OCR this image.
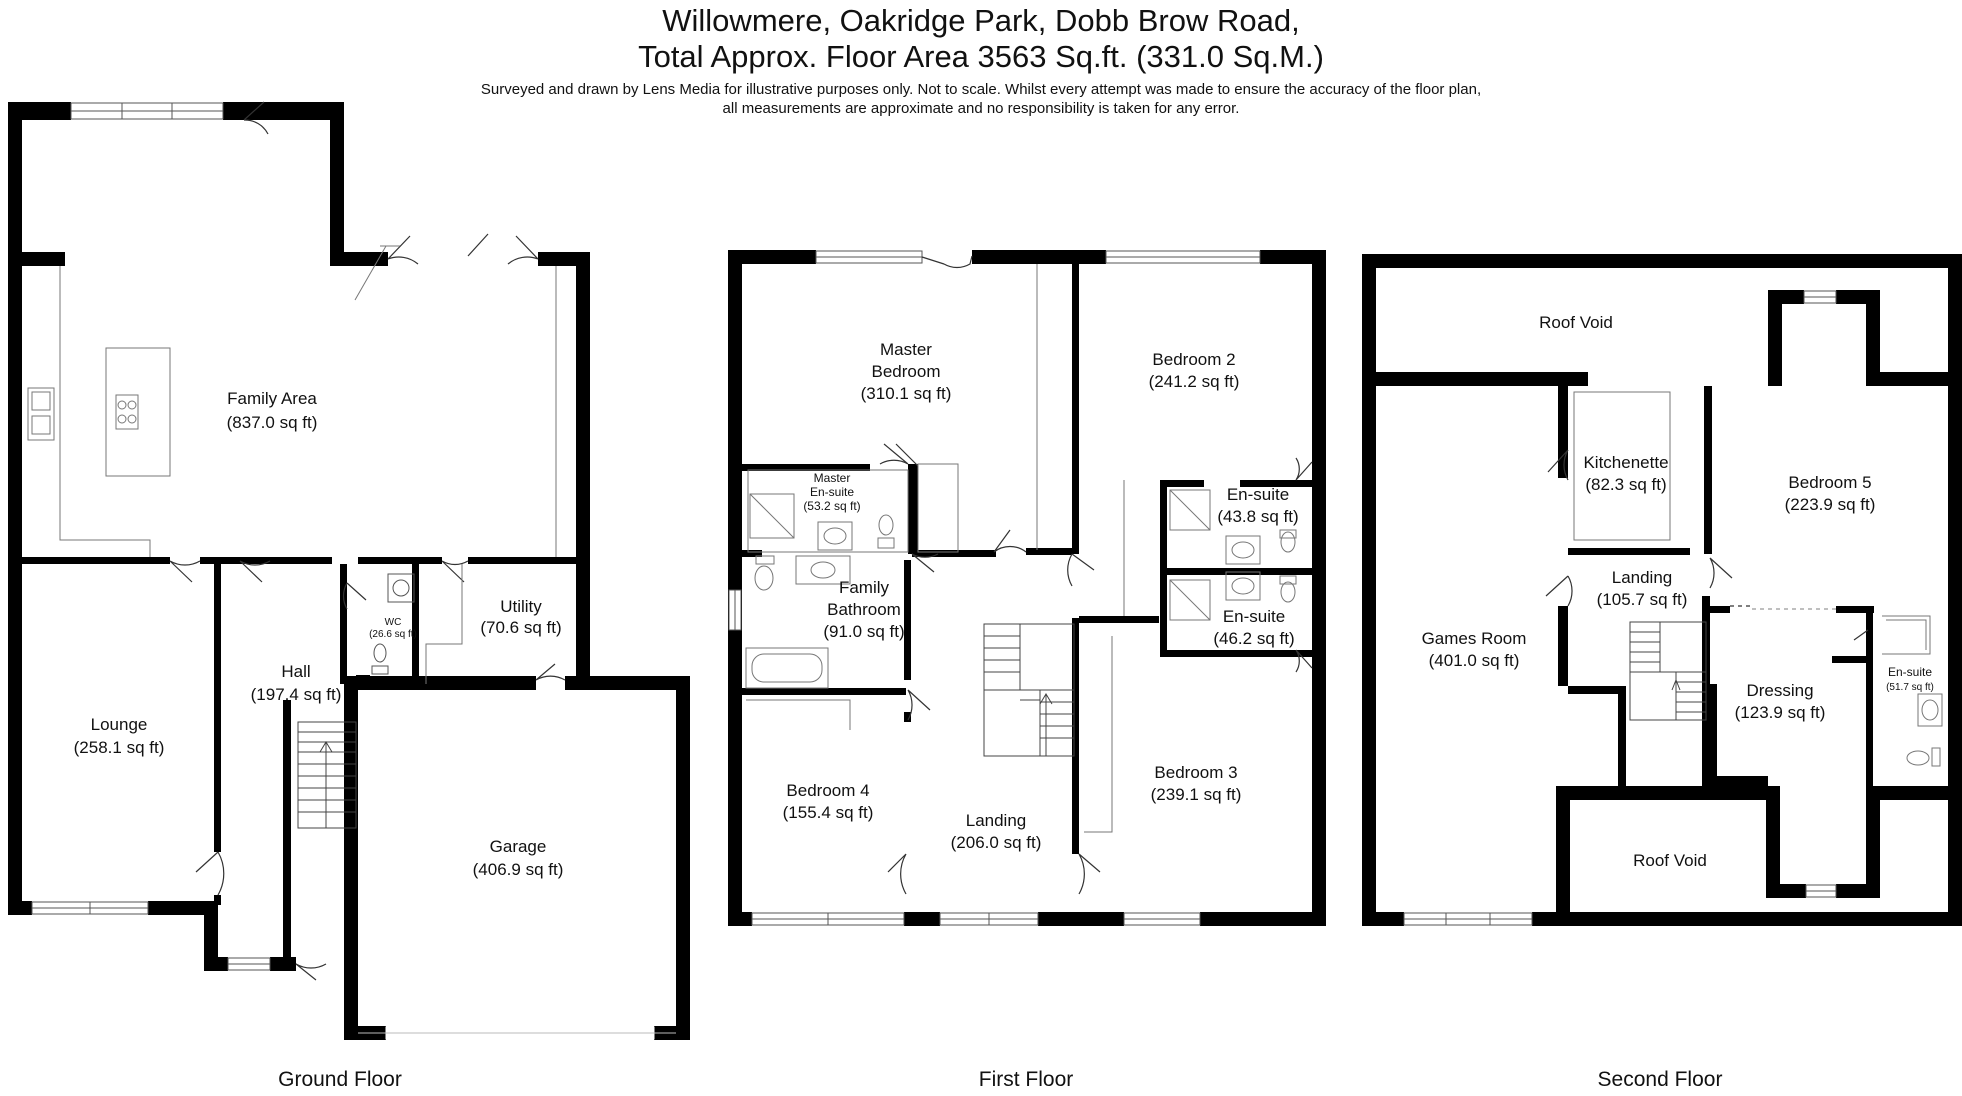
Willowmere, Oakridge Park, Dobb Brow Road,
Total Approx. Floor Area 3563 Sq.ft. (331.0 Sq.M.)
Surveyed and drawn by Lens Media for illustrative purposes only. Not to scale. Whilst every attempt was made to ensure the accuracy of the floor plan,
all measurements are approximate and no responsibility is taken for any error.
Family Area
(837.0 sq ft)
Lounge
(258.1 sq ft)
Hall
(197.4 sq ft)
WC
(26.6 sq ft)
Utility
(70.6 sq ft)
Garage
(406.9 sq ft)
Ground Floor
Master
Bedroom
(310.1 sq ft)
Bedroom 2
(241.2 sq ft)
Master
En-suite
(53.2 sq ft)
En-suite
(43.8 sq ft)
En-suite
(46.2 sq ft)
Family
Bathroom
(91.0 sq ft)
Bedroom 4
(155.4 sq ft)	Landing
(206.0 sq ft)
Bedroom 3
(239.1 sq ft)
First Floor
Roof Void
Kitchenette
(82.3 sq ft)	Bedroom 5
(223.9 sq ft)
Landing
(105.7 sq ft)
Games Room
(401.0 sq ft)
Dressing
(123.9 sq ft)
En-suite
(51.7 sq ft)
Roof Void
Second Floor
